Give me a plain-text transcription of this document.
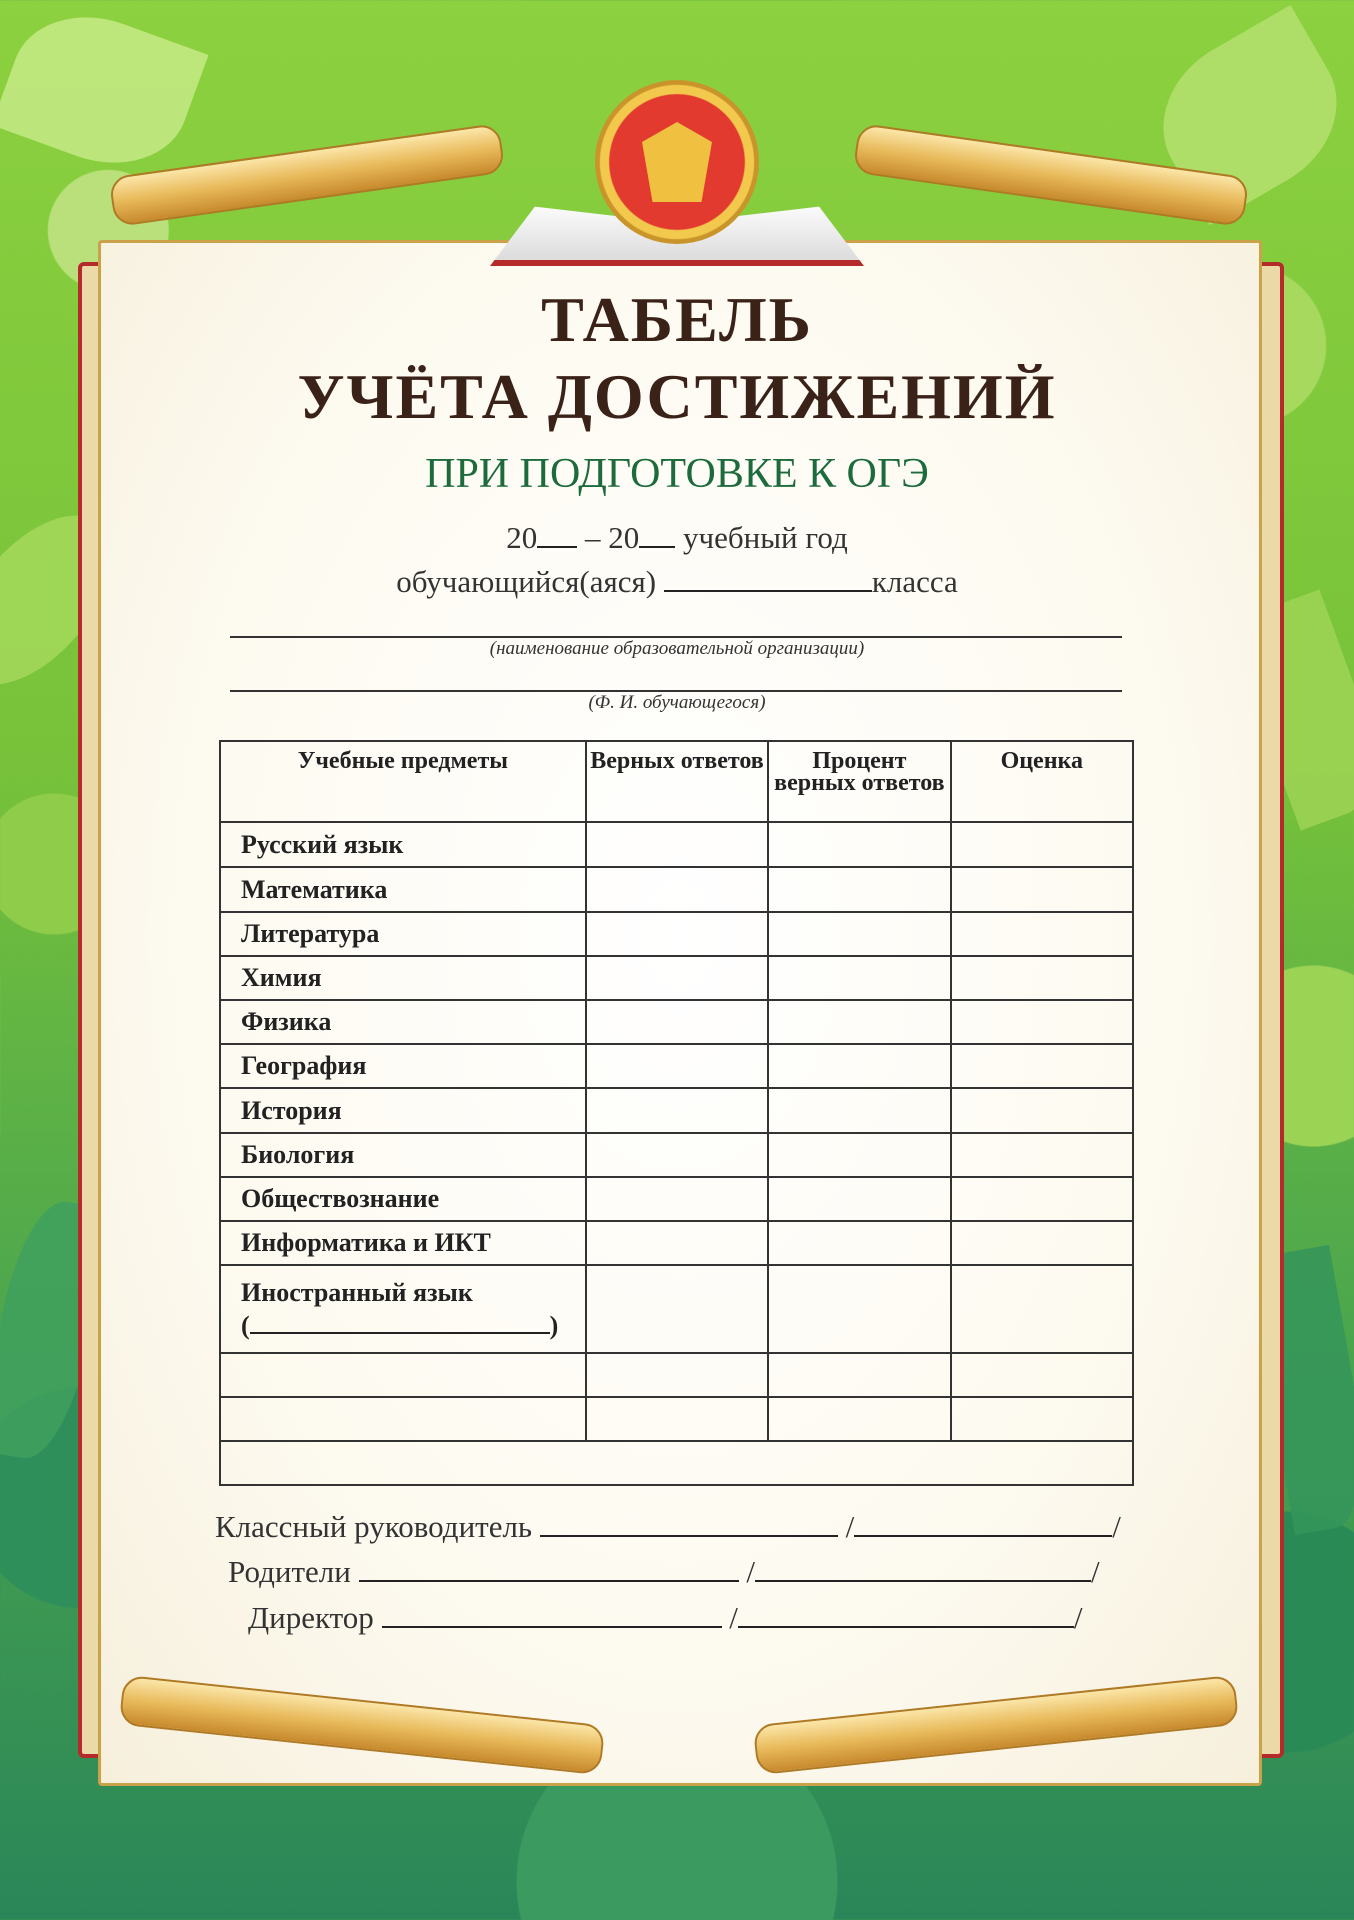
ТАБЕЛЬ
УЧЁТА ДОСТИЖЕНИЙ
ПРИ ПОДГОТОВКЕ К ОГЭ
20 – 20 учебный год
обучающийся(аяся)	класса
(наименование образовательной организации)
(Ф. И. обучающегося)
Учебные предметы	Верных ответов	Процент верных ответов	Оценка
Русский язык			
Математика			
Литература			
Химия			
Физика			
География			
История			
Биология			
Обществознание			
Информатика и ИКТ			

Иностранный язык
( )			

Классный руководитель	/	/
Родители	/	/
Директор	/	/
